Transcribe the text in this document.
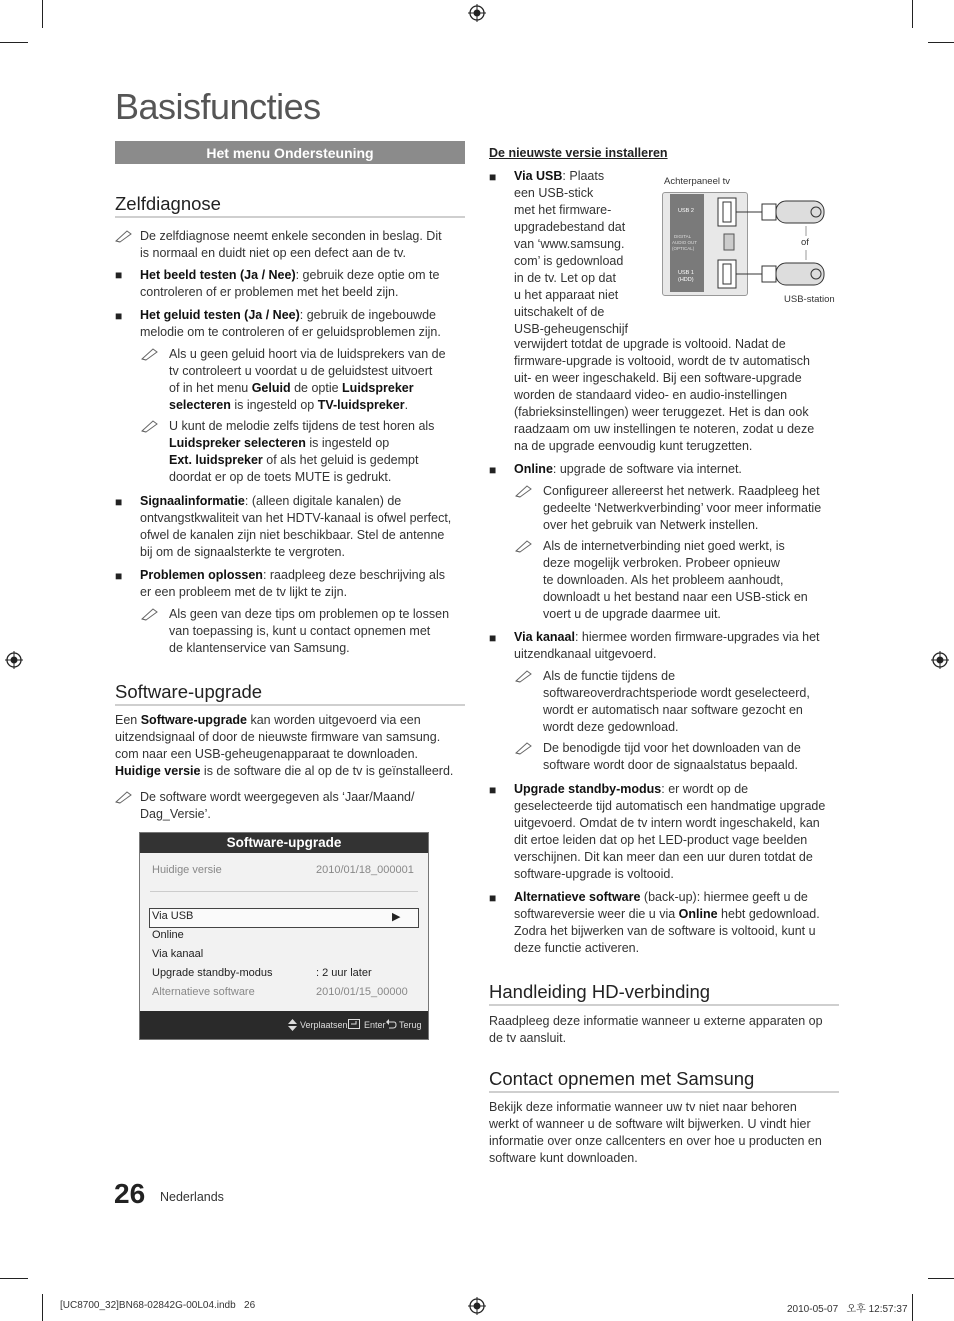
Basisfuncties
Het menu Ondersteuning
Zelfdiagnose
De zelfdiagnose neemt enkele seconden in beslag. Dit
is normaal en duidt niet op een defect aan de tv.
■ Het beeld testen (Ja / Nee): gebruik deze optie om te
controleren of er problemen met het beeld zijn.
■ Het geluid testen (Ja / Nee): gebruik de ingebouwde
melodie om te controleren of er geluidsproblemen zijn.
Als u geen geluid hoort via de luidsprekers van de
tv controleert u voordat u de geluidstest uitvoert
of in het menu Geluid de optie Luidspreker
selecteren is ingesteld op TV-luidspreker.
U kunt de melodie zelfs tijdens de test horen als
Luidspreker selecteren is ingesteld op
Ext. luidspreker of als het geluid is gedempt
doordat er op de toets MUTE is gedrukt.
■ Signaalinformatie: (alleen digitale kanalen) de
ontvangstkwaliteit van het HDTV-kanaal is ofwel perfect,
ofwel de kanalen zijn niet beschikbaar. Stel de antenne
bij om de signaalsterkte te vergroten.
■ Problemen oplossen: raadpleeg deze beschrijving als
er een probleem met de tv lijkt te zijn.
Als geen van deze tips om problemen op te lossen
van toepassing is, kunt u contact opnemen met
de klantenservice van Samsung.
Software-upgrade
Een Software-upgrade kan worden uitgevoerd via een
uitzendsignaal of door de nieuwste firmware van samsung.
com naar een USB-geheugenapparaat te downloaden.
Huidige versie is de software die al op de tv is geïnstalleerd.
De software wordt weergegeven als ‘Jaar/Maand/
Dag_Versie’.
Software-upgrade
Huidige versie	2010/01/18_000001
Via USB	▶
Online
Via kanaal
Upgrade standby-modus	: 2 uur later
Alternatieve software	2010/01/15_00000
Verplaatsen Enter Terug
26 Nederlands
De nieuwste versie installeren
■ Via USB: Plaats
een USB-stick
met het firmware-
upgradebestand dat
van ‘www.samsung.
com’ is gedownload
in de tv. Let op dat
u het apparaat niet
uitschakelt of de
USB-geheugenschijf
Achterpaneel tv
USB 2
DIGITAL
AUDIO OUT
(OPTICAL)
USB 1
(HDD)
of
USB-station
verwijdert totdat de upgrade is voltooid. Nadat de
firmware-upgrade is voltooid, wordt de tv automatisch
uit- en weer ingeschakeld. Bij een software-upgrade
worden de standaard video- en audio-instellingen
(fabrieksinstellingen) weer teruggezet. Het is dan ook
raadzaam om uw instellingen te noteren, zodat u deze
na de upgrade eenvoudig kunt terugzetten.
■ Online: upgrade de software via internet.
Configureer allereerst het netwerk. Raadpleeg het
gedeelte ‘Netwerkverbinding’ voor meer informatie
over het gebruik van Netwerk instellen.
Als de internetverbinding niet goed werkt, is
deze mogelijk verbroken. Probeer opnieuw
te downloaden. Als het probleem aanhoudt,
downloadt u het bestand naar een USB-stick en
voert u de upgrade daarmee uit.
■ Via kanaal: hiermee worden firmware-upgrades via het
uitzendkanaal uitgevoerd.
Als de functie tijdens de
softwareoverdrachtsperiode wordt geselecteerd,
wordt er automatisch naar software gezocht en
wordt deze gedownload.
De benodigde tijd voor het downloaden van de
software wordt door de signaalstatus bepaald.
■ Upgrade standby-modus: er wordt op de
geselecteerde tijd automatisch een handmatige upgrade
uitgevoerd. Omdat de tv intern wordt ingeschakeld, kan
dit ertoe leiden dat op het LED-product vage beelden
verschijnen. Dit kan meer dan een uur duren totdat de
software-upgrade is voltooid.
■ Alternatieve software (back-up): hiermee geeft u de
softwareversie weer die u via Online hebt gedownload.
Zodra het bijwerken van de software is voltooid, kunt u
deze functie activeren.
Handleiding HD-verbinding
Raadpleeg deze informatie wanneer u externe apparaten op
de tv aansluit.
Contact opnemen met Samsung
Bekijk deze informatie wanneer uw tv niet naar behoren
werkt of wanneer u de software wilt bijwerken. U vindt hier
informatie over onze callcenters en over hoe u producten en
software kunt downloaden.
[UC8700_32]BN68-02842G-00L04.indb   26	2010-05-07   오후 12:57:37
